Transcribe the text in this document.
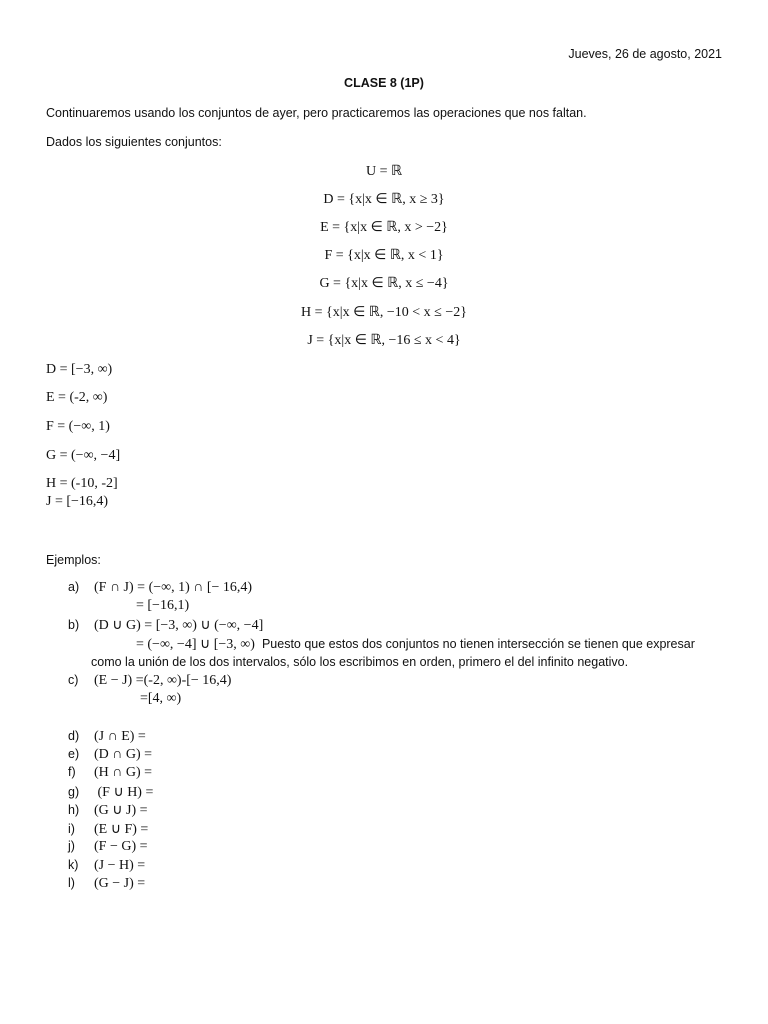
Jueves, 26 de agosto, 2021
CLASE 8 (1P)
Continuaremos usando los conjuntos de ayer, pero practicaremos las operaciones que nos faltan.
Dados los siguientes conjuntos:
U = ℝ
D = {x|x ∈ ℝ, x ≥ 3}
E = {x|x ∈ ℝ, x > −2}
F = {x|x ∈ ℝ, x < 1}
G = {x|x ∈ ℝ, x ≤ −4}
H = {x|x ∈ ℝ, −10 < x ≤ −2}
J = {x|x ∈ ℝ, −16 ≤ x < 4}
D = [−3, ∞)
E = (-2, ∞)
F = (−∞, 1)
G = (−∞, −4]
H = (-10, -2]
J = [−16,4)
Ejemplos:
a) (F ∩ J) = (−∞, 1) ∩ [− 16,4)
= [−16,1)
b) (D ∪ G) = [−3, ∞) ∪ (−∞, −4]
= (−∞, −4] ∪ [−3, ∞) Puesto que estos dos conjuntos no tienen intersección se tienen que expresar
como la unión de los dos intervalos, sólo los escribimos en orden, primero el del infinito negativo.
c) (E − J) =(-2, ∞)-[− 16,4)
=[4, ∞)
d) (J ∩ E) =
e) (D ∩ G) =
f) (H ∩ G) =
g) (F ∪ H) =
h) (G ∪ J) =
i) (E ∪ F) =
j) (F − G) =
k) (J − H) =
l) (G − J) =
